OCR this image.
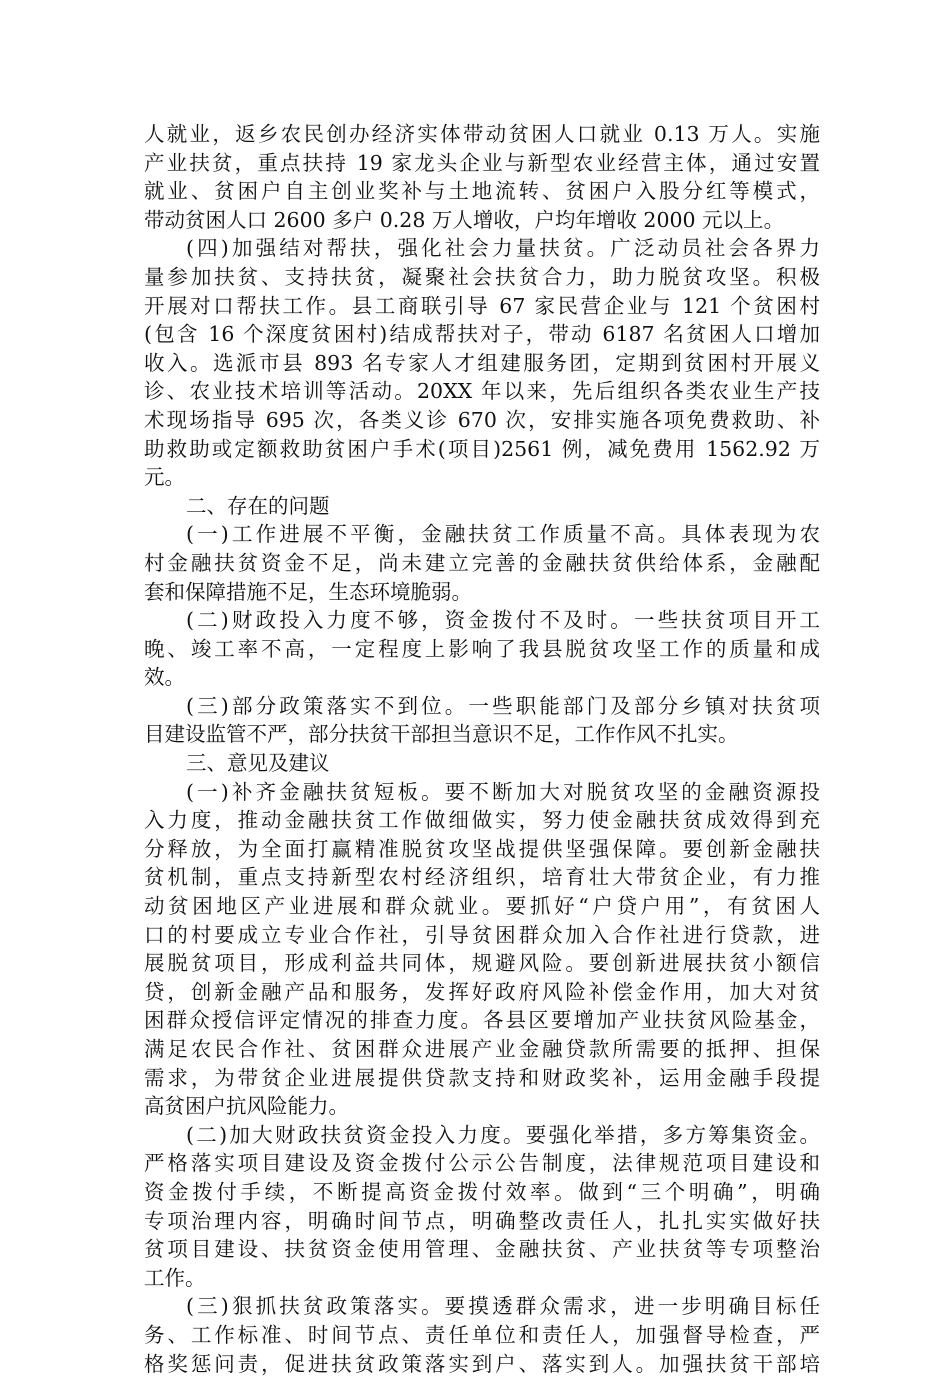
人就业，返乡农民创办经济实体带动贫困人口就业 0.13 万人。实施
产业扶贫，重点扶持 19 家龙头企业与新型农业经营主体，通过安置
就业、贫困户自主创业奖补与土地流转、贫困户入股分红等模式，
带动贫困人口 2600 多户 0.28 万人增收，户均年增收 2000 元以上。
(四)加强结对帮扶，强化社会力量扶贫。广泛动员社会各界力
量参加扶贫、支持扶贫，凝聚社会扶贫合力，助力脱贫攻坚。积极
开展对口帮扶工作。县工商联引导 67 家民营企业与 121 个贫困村
(包含 16 个深度贫困村)结成帮扶对子，带动 6187 名贫困人口增加
收入。选派市县 893 名专家人才组建服务团，定期到贫困村开展义
诊、农业技术培训等活动。20XX 年以来，先后组织各类农业生产技
术现场指导 695 次，各类义诊 670 次，安排实施各项免费救助、补
助救助或定额救助贫困户手术(项目)2561 例，减免费用 1562.92 万
元。
二、存在的问题
(一)工作进展不平衡，金融扶贫工作质量不高。具体表现为农
村金融扶贫资金不足，尚未建立完善的金融扶贫供给体系，金融配
套和保障措施不足，生态环境脆弱。
(二)财政投入力度不够，资金拨付不及时。一些扶贫项目开工
晚、竣工率不高，一定程度上影响了我县脱贫攻坚工作的质量和成
效。
(三)部分政策落实不到位。一些职能部门及部分乡镇对扶贫项
目建设监管不严，部分扶贫干部担当意识不足，工作作风不扎实。
三、意见及建议
(一)补齐金融扶贫短板。要不断加大对脱贫攻坚的金融资源投
入力度，推动金融扶贫工作做细做实，努力使金融扶贫成效得到充
分释放，为全面打赢精准脱贫攻坚战提供坚强保障。要创新金融扶
贫机制，重点支持新型农村经济组织，培育壮大带贫企业，有力推
动贫困地区产业进展和群众就业。要抓好“户贷户用”，有贫困人
口的村要成立专业合作社，引导贫困群众加入合作社进行贷款，进
展脱贫项目，形成利益共同体，规避风险。要创新进展扶贫小额信
贷，创新金融产品和服务，发挥好政府风险补偿金作用，加大对贫
困群众授信评定情况的排查力度。各县区要增加产业扶贫风险基金，
满足农民合作社、贫困群众进展产业金融贷款所需要的抵押、担保
需求，为带贫企业进展提供贷款支持和财政奖补，运用金融手段提
高贫困户抗风险能力。
(二)加大财政扶贫资金投入力度。要强化举措，多方筹集资金。
严格落实项目建设及资金拨付公示公告制度，法律规范项目建设和
资金拨付手续，不断提高资金拨付效率。做到“三个明确”，明确
专项治理内容，明确时间节点，明确整改责任人，扎扎实实做好扶
贫项目建设、扶贫资金使用管理、金融扶贫、产业扶贫等专项整治
工作。
(三)狠抓扶贫政策落实。要摸透群众需求，进一步明确目标任
务、工作标准、时间节点、责任单位和责任人，加强督导检查，严
格奖惩问责，促进扶贫政策落实到户、落实到人。加强扶贫干部培
